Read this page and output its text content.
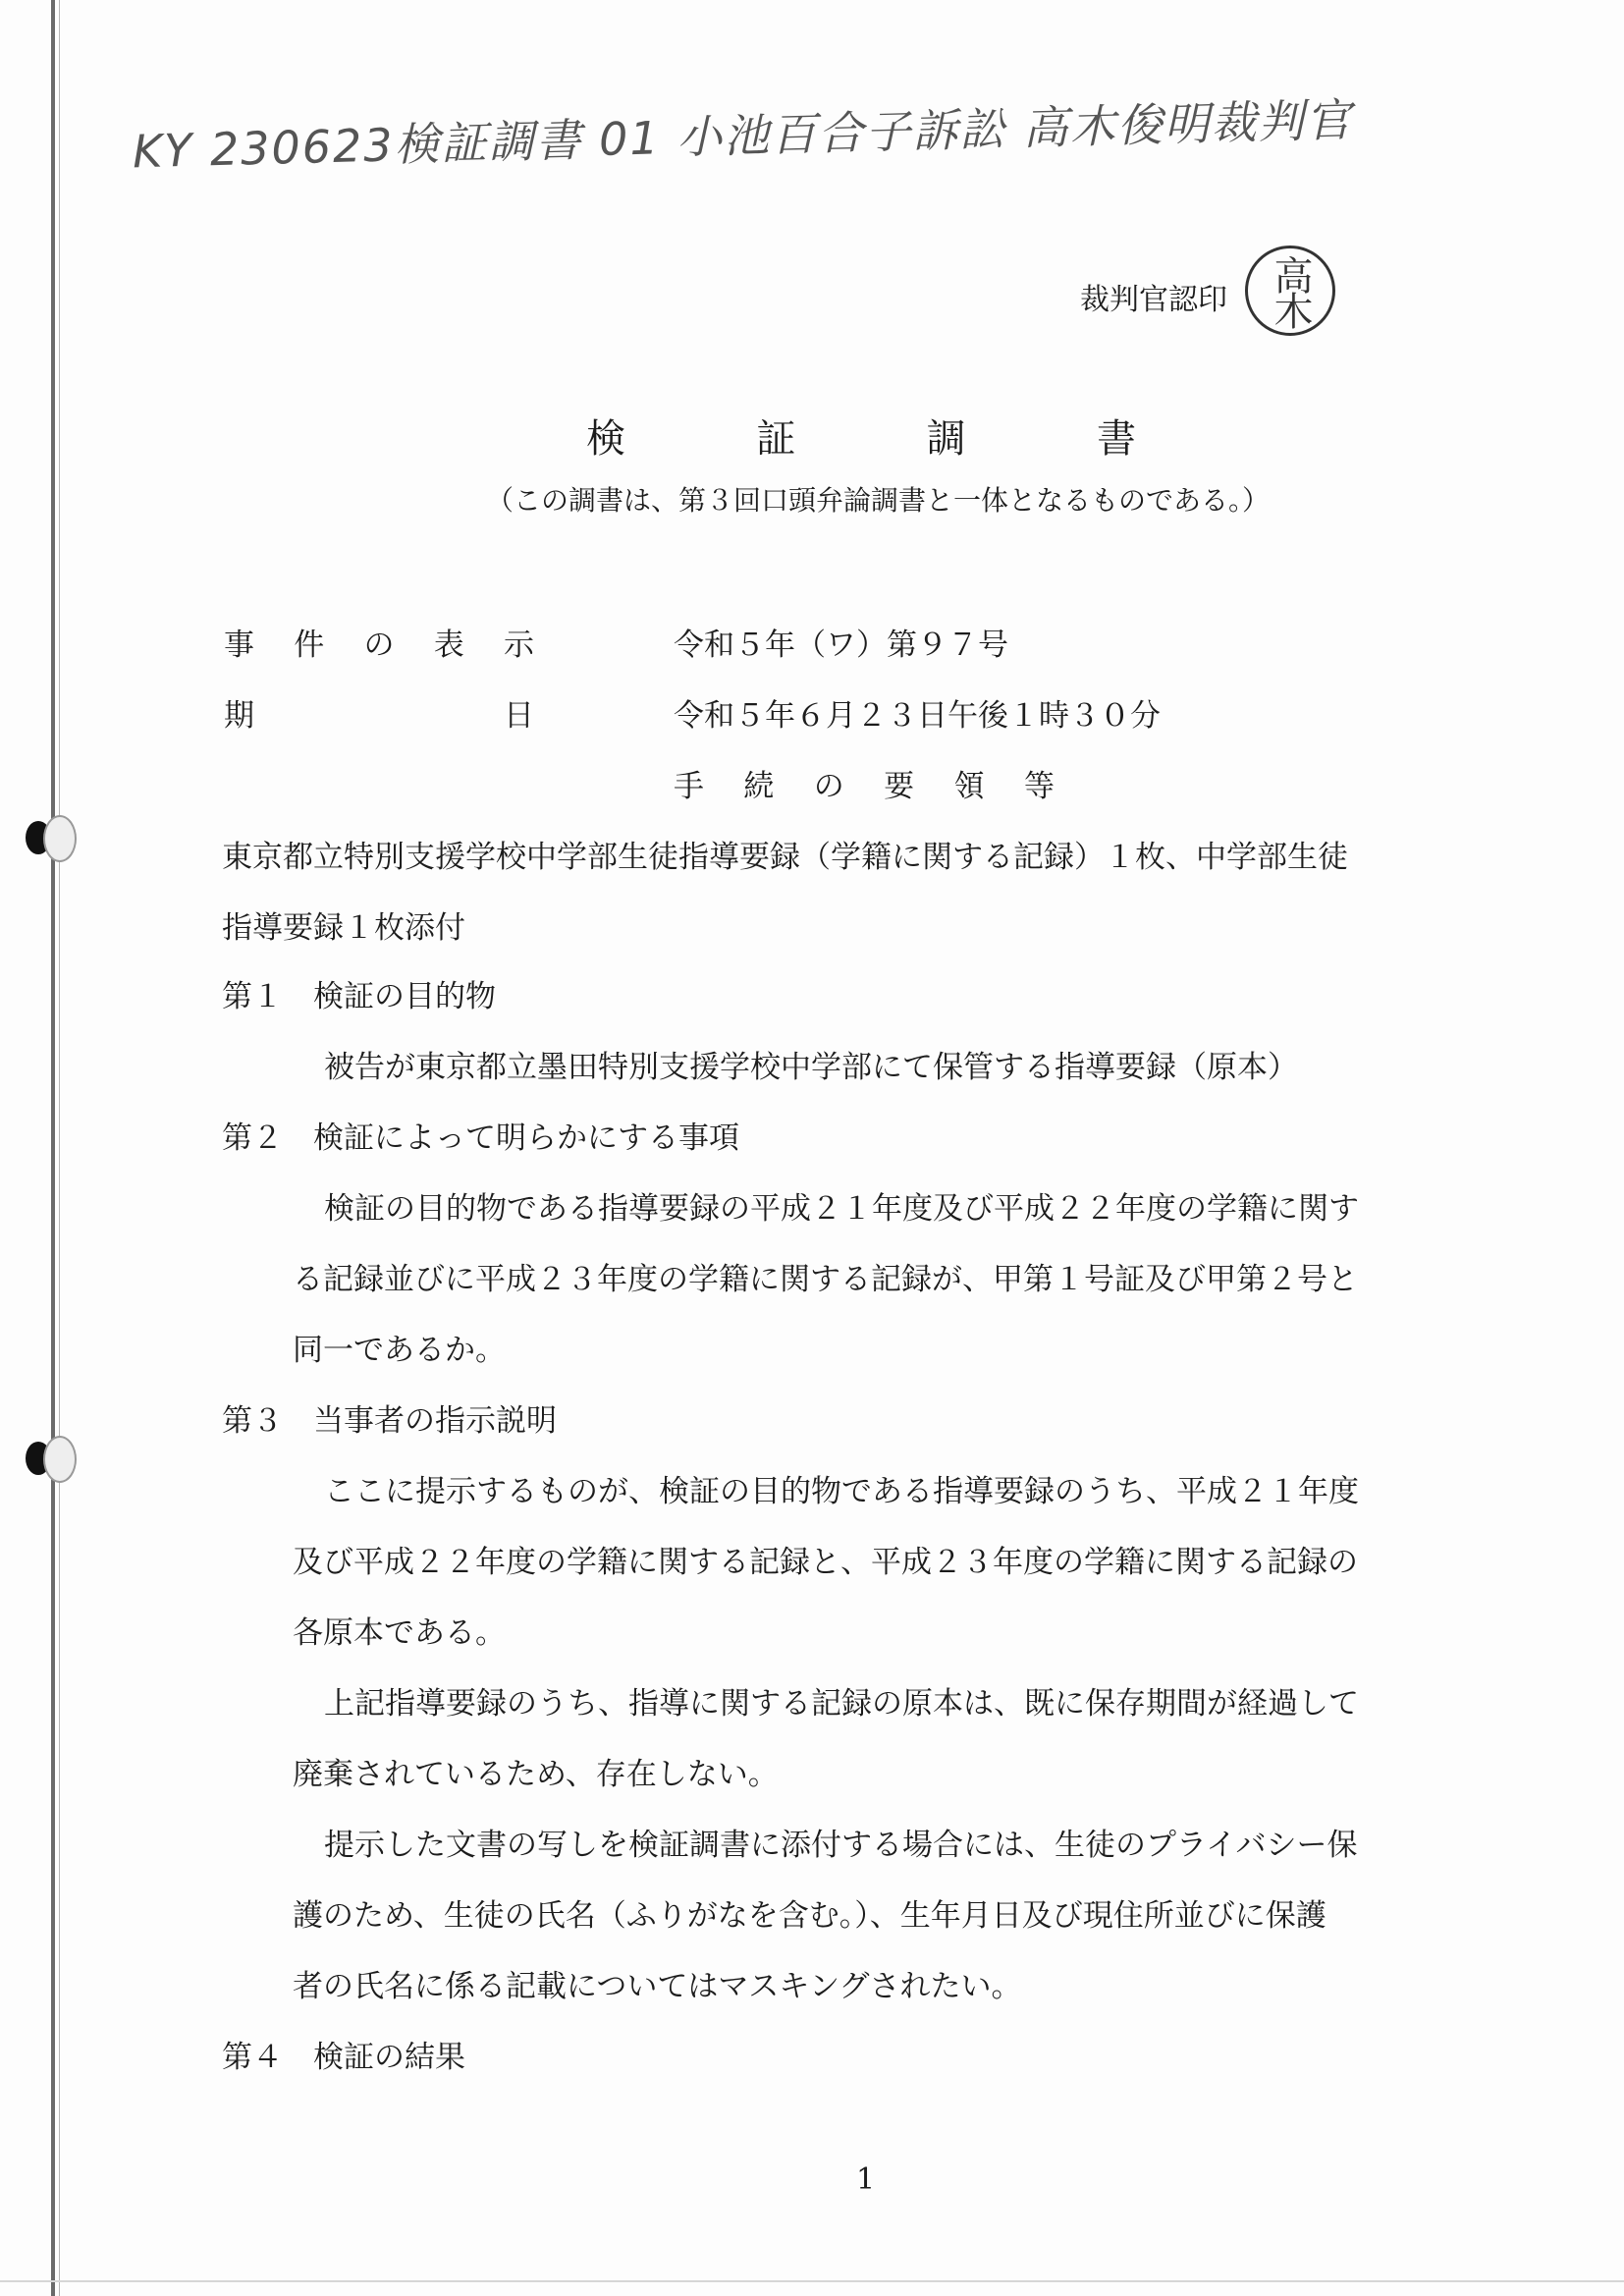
KY 230623検証調書 01 小池百合子訴訟 高木俊明裁判官
裁判官認印	高木
検	証	調	書
（この調書は、第３回口頭弁論調書と一体となるものである。）
事 件 の 表 示	令和５年（ワ）第９７号
期	日	令和５年６月２３日午後１時３０分
手 続 の 要 領 等
東京都立特別支援学校中学部生徒指導要録（学籍に関する記録）１枚、中学部生徒
指導要録１枚添付
第１　検証の目的物
被告が東京都立墨田特別支援学校中学部にて保管する指導要録（原本）
第２　検証によって明らかにする事項
検証の目的物である指導要録の平成２１年度及び平成２２年度の学籍に関す
る記録並びに平成２３年度の学籍に関する記録が、甲第１号証及び甲第２号と
同一であるか。
第３　当事者の指示説明
ここに提示するものが、検証の目的物である指導要録のうち、平成２１年度
及び平成２２年度の学籍に関する記録と、平成２３年度の学籍に関する記録の
各原本である。
上記指導要録のうち、指導に関する記録の原本は、既に保存期間が経過して
廃棄されているため、存在しない。
提示した文書の写しを検証調書に添付する場合には、生徒のプライバシー保
護のため、生徒の氏名（ふりがなを含む。）、生年月日及び現住所並びに保護
者の氏名に係る記載についてはマスキングされたい。
第４　検証の結果
1
